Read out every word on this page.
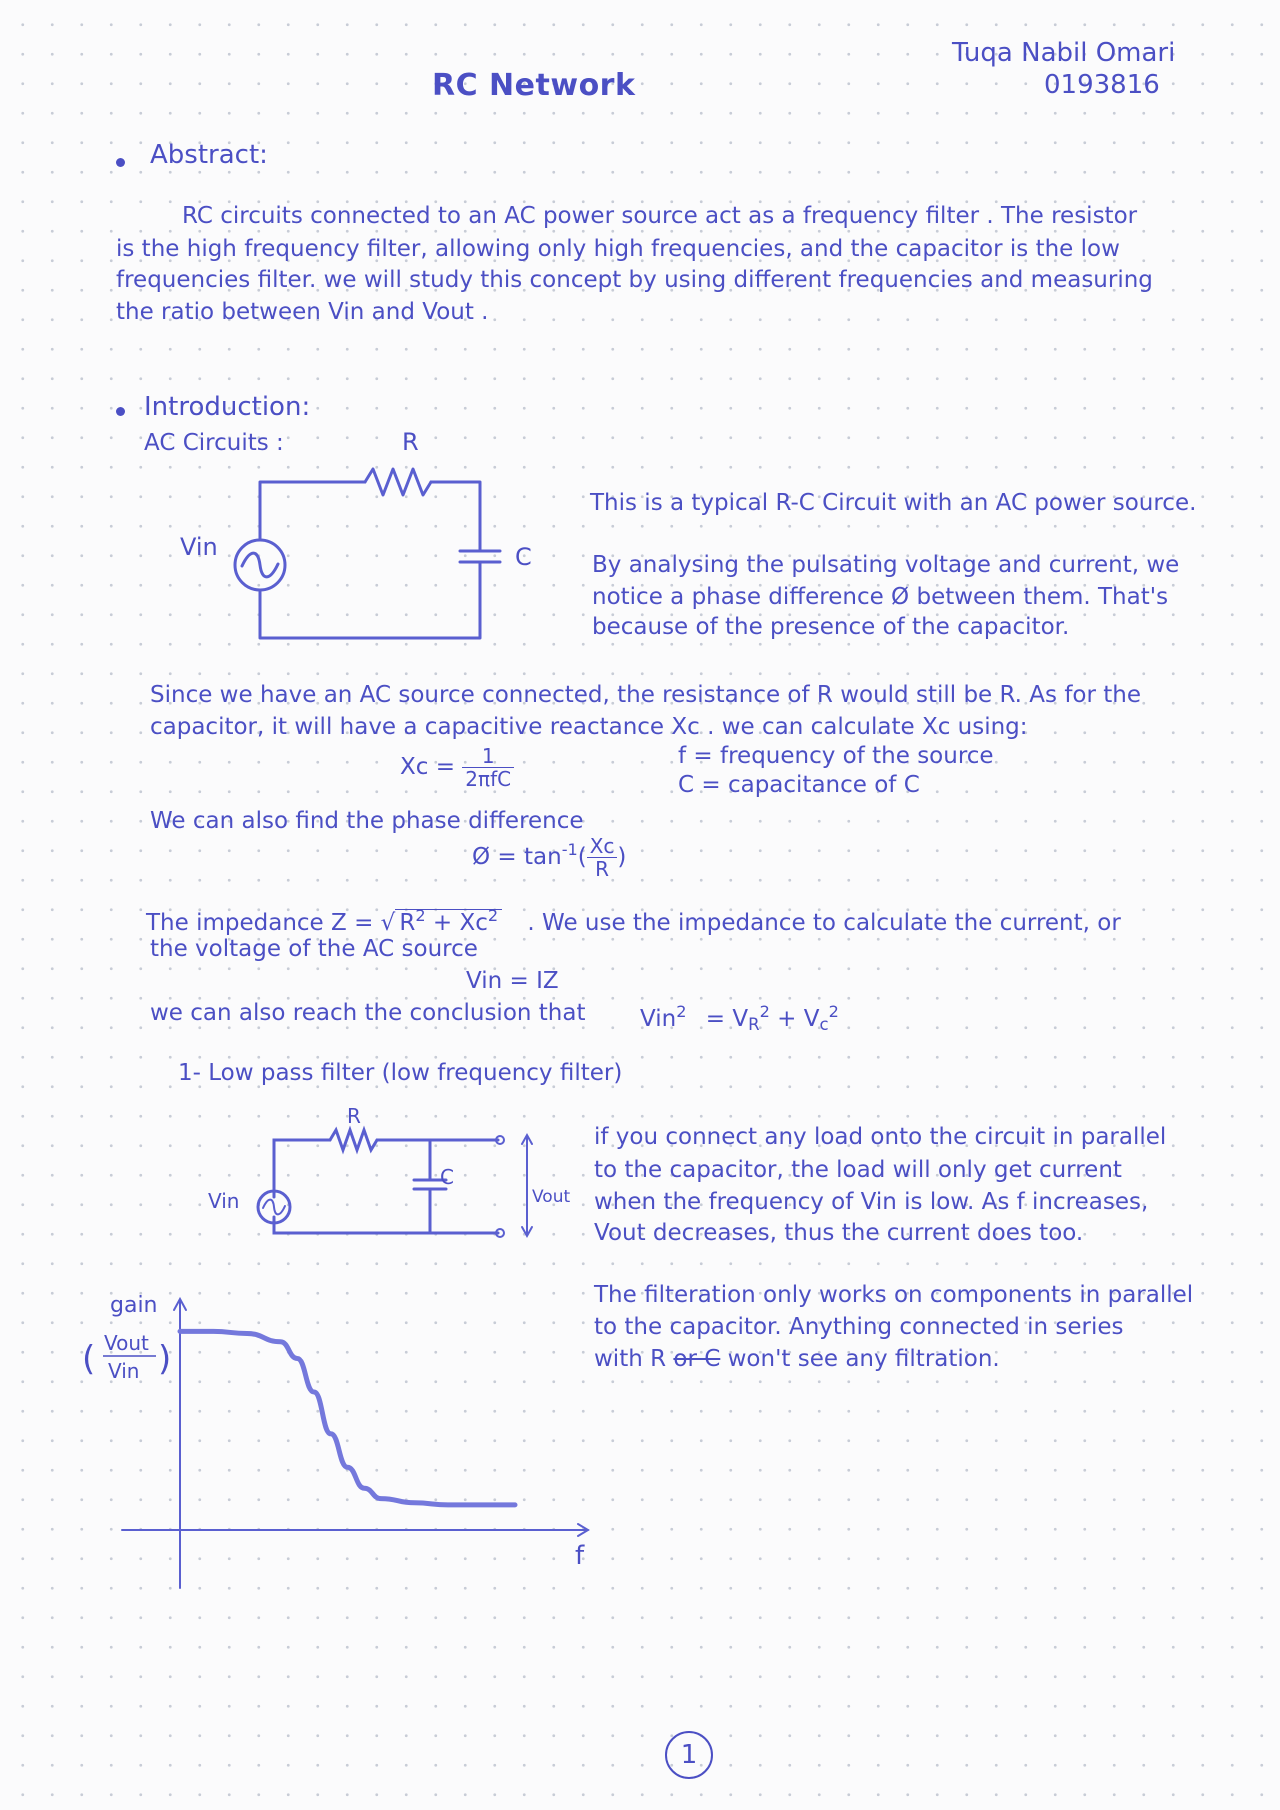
RC Network
Tuqa Nabil Omari
0193816
Abstract:
RC circuits connected to an AC power source act as a frequency filter . The resistor
is the high frequency filter, allowing only high frequencies, and the capacitor is the low
frequencies filter. we will study this concept by using different frequencies and measuring
the ratio between Vin and Vout .
Introduction:
AC Circuits :	R
C
Vin
This is a typical R-C Circuit with an AC power source.
By analysing the pulsating voltage and current, we
notice a phase difference Ø between them. That's
because of the presence of the capacitor.
Since we have an AC source connected, the resistance of R would still be R. As for the
capacitor, it will have a capacitive reactance Xc . we can calculate Xc using:
$Xc = \frac{1}{\text{2πfC}}$	f = frequency of the source
C = capacitance of C
We can also find the phase difference
Ø = $\tan^{-1}( \frac{Xc}{R}$ )
The impedance Z = √ $R^2 + Xc^2$ . We use the impedance to calculate the current, or
the voltage of the AC source
Vin = IZ
we can also reach the conclusion that $Vin^2 = V_R^2 + V_c^2$
1- Low pass filter (low frequency filter)
R
C
Vin	Vout
if you connect any load onto the circuit in parallel
to the capacitor, the load will only get current
when the frequency of Vin is low. As f increases,
Vout decreases, thus the current does too.
The filteration only works on components in parallel
to the capacitor. Anything connected in series
with R or C won't see any filtration.
gain
( Vout
Vin )
f
1
